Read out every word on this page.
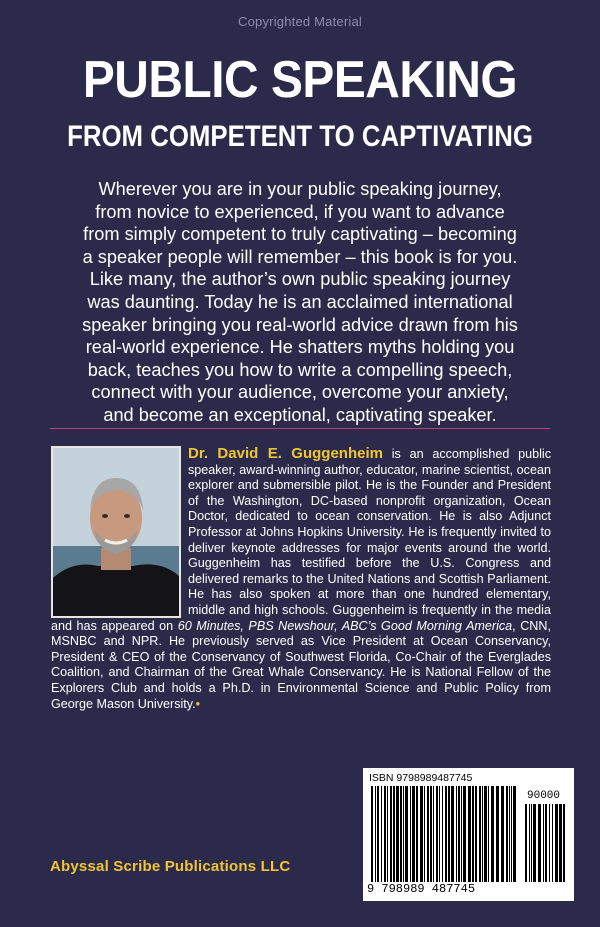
Copyrighted Material
PUBLIC SPEAKING
FROM COMPETENT TO CAPTIVATING
Wherever you are in your public speaking journey,
from novice to experienced, if you want to advance
from simply competent to truly captivating – becoming
a speaker people will remember – this book is for you.
Like many, the author’s own public speaking journey
was daunting. Today he is an acclaimed international
speaker bringing you real-world advice drawn from his
real-world experience. He shatters myths holding you
back, teaches you how to write a compelling speech,
connect with your audience, overcome your anxiety,
and become an exceptional, captivating speaker.
Dr. David E. Guggenheim is an accomplished public speaker, award-winning author, educator, marine scientist, ocean explorer and submersible pilot. He is the Founder and President of the Washington, DC-based nonprofit organization, Ocean Doctor, dedicated to ocean conservation. He is also Adjunct Professor at Johns Hopkins University. He is frequently invited to deliver keynote addresses for major events around the world. Guggenheim has testified before the U.S. Congress and delivered remarks to the United Nations and Scottish Parliament. He has also spoken at more than one hundred elementary, middle and high schools. Guggenheim is frequently in the media and has appeared on 60 Minutes, PBS Newshour, ABC’s Good Morning America, CNN, MSNBC and NPR. He previously served as Vice President at Ocean Conservancy, President & CEO of the Conservancy of Southwest Florida, Co-Chair of the Everglades Coalition, and Chairman of the Great Whale Conservancy. He is National Fellow of the Explorers Club and holds a Ph.D. in Environmental Science and Public Policy from George Mason University.•
Abyssal Scribe Publications LLC
ISBN 9798989487745
90000
9 798989 487745
